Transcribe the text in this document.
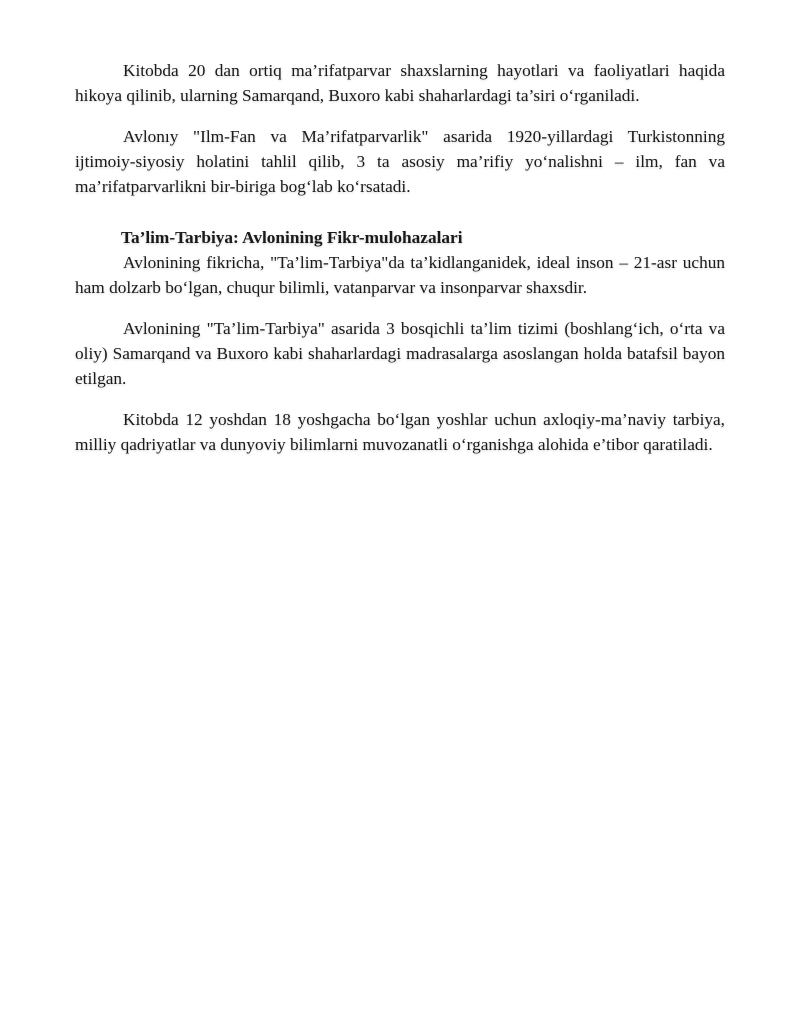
Kitobda 20 dan ortiq ma’rifatparvar shaxslarning hayotlari va faoliyatlari haqida hikoya qilinib, ularning Samarqand, Buxoro kabi shaharlardagi ta’siri o‘rganiladi.

Avlonıy "Ilm-Fan va Ma’rifatparvarlik" asarida 1920-yillardagi Turkistonning ijtimoiy-siyosiy holatini tahlil qilib, 3 ta asosiy ma’rifiy yo‘nalishni – ilm, fan va ma’rifatparvarlikni bir-biriga bog‘lab ko‘rsatadi.

Ta’lim-Tarbiya: Avlonining Fikr-mulohazalari

Avlonining fikricha, "Ta’lim-Tarbiya"da ta’kidlanganidek, ideal inson – 21-asr uchun ham dolzarb bo‘lgan, chuqur bilimli, vatanparvar va insonparvar shaxsdir.

Avlonining "Ta’lim-Tarbiya" asarida 3 bosqichli ta’lim tizimi (boshlang‘ich, o‘rta va oliy) Samarqand va Buxoro kabi shaharlardagi madrasalarga asoslangan holda batafsil bayon etilgan.

Kitobda 12 yoshdan 18 yoshgacha bo‘lgan yoshlar uchun axloqiy-ma’naviy tarbiya, milliy qadriyatlar va dunyoviy bilimlarni muvozanatli o‘rganishga alohida e’tibor qaratiladi.
